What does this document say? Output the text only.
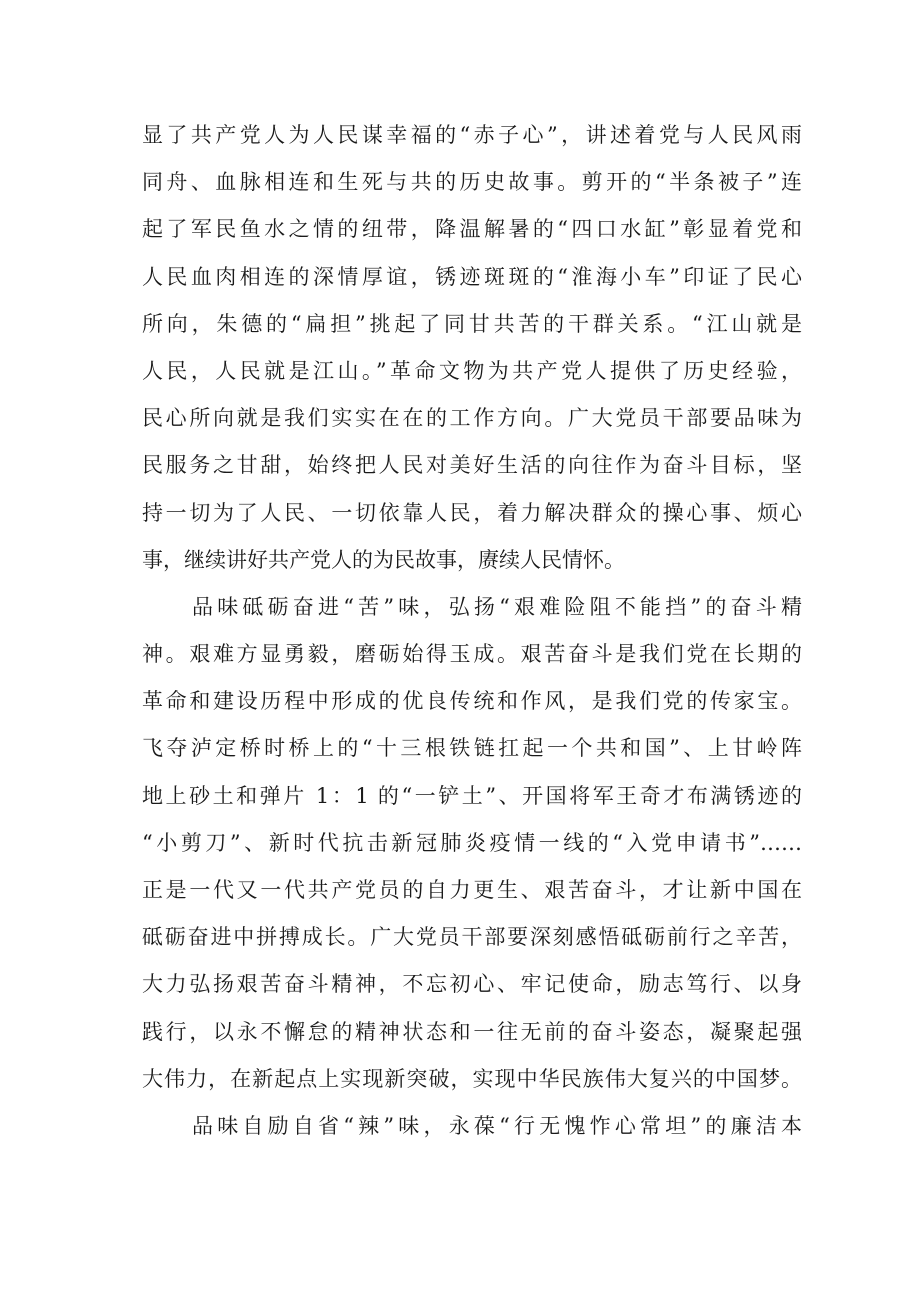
显了共产党人为人民谋幸福的“赤子心”，讲述着党与人民风雨
同舟、血脉相连和生死与共的历史故事。剪开的“半条被子”连
起了军民鱼水之情的纽带，降温解暑的“四口水缸”彰显着党和
人民血肉相连的深情厚谊，锈迹斑斑的“淮海小车”印证了民心
所向，朱德的“扁担”挑起了同甘共苦的干群关系。“江山就是
人民，人民就是江山。”革命文物为共产党人提供了历史经验，
民心所向就是我们实实在在的工作方向。广大党员干部要品味为
民服务之甘甜，始终把人民对美好生活的向往作为奋斗目标，坚
持一切为了人民、一切依靠人民，着力解决群众的操心事、烦心
事，继续讲好共产党人的为民故事，赓续人民情怀。
品味砥砺奋进“苦”味，弘扬“艰难险阻不能挡”的奋斗精
神。艰难方显勇毅，磨砺始得玉成。艰苦奋斗是我们党在长期的
革命和建设历程中形成的优良传统和作风，是我们党的传家宝。
飞夺泸定桥时桥上的“十三根铁链扛起一个共和国”、上甘岭阵
地上砂土和弹片 1：1 的“一铲土”、开国将军王奇才布满锈迹的
“小剪刀”、新时代抗击新冠肺炎疫情一线的“入党申请书”……
正是一代又一代共产党员的自力更生、艰苦奋斗，才让新中国在
砥砺奋进中拼搏成长。广大党员干部要深刻感悟砥砺前行之辛苦，
大力弘扬艰苦奋斗精神，不忘初心、牢记使命，励志笃行、以身
践行，以永不懈怠的精神状态和一往无前的奋斗姿态，凝聚起强
大伟力，在新起点上实现新突破，实现中华民族伟大复兴的中国梦。
品味自励自省“辣”味，永葆“行无愧怍心常坦”的廉洁本
